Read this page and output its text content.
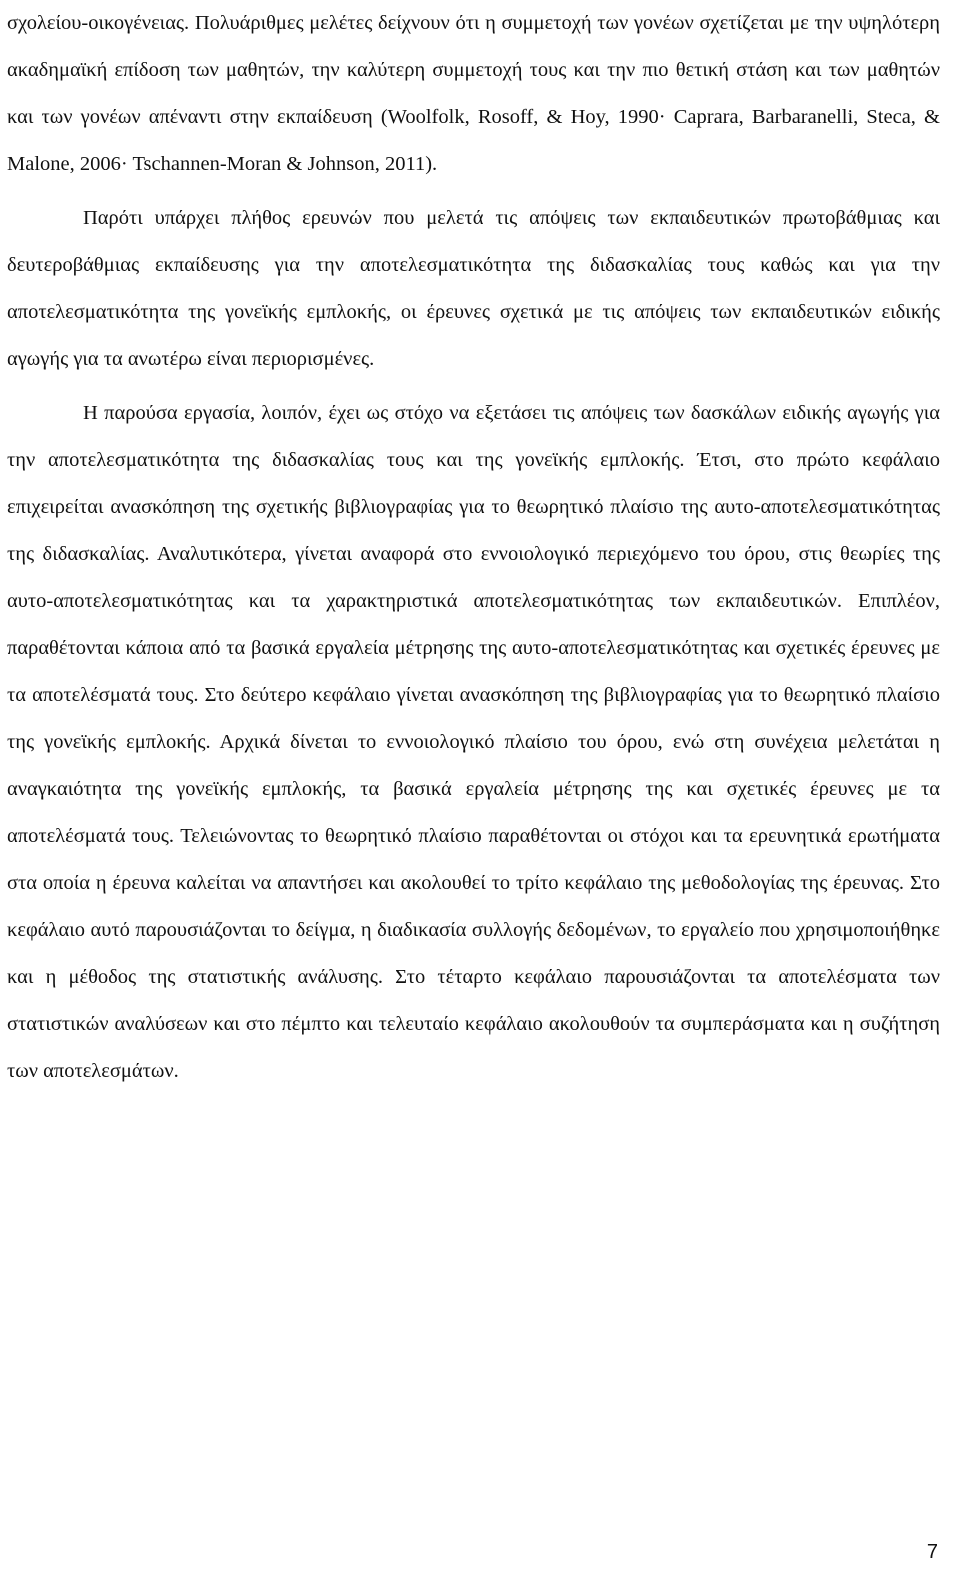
σχολείου-οικογένειας. Πολυάριθμες μελέτες δείχνουν ότι η συμμετοχή των γονέων σχετίζεται με την υψηλότερη ακαδημαϊκή επίδοση των μαθητών, την καλύτερη συμμετοχή τους και την πιο θετική στάση και των μαθητών και των γονέων απέναντι στην εκπαίδευση (Woolfolk, Rosoff, & Hoy, 1990· Caprara, Barbaranelli, Steca, & Malone, 2006· Tschannen-Moran & Johnson, 2011).

Παρότι υπάρχει πλήθος ερευνών που μελετά τις απόψεις των εκπαιδευτικών πρωτοβάθμιας και δευτεροβάθμιας εκπαίδευσης για την αποτελεσματικότητα της διδασκαλίας τους καθώς και για την αποτελεσματικότητα της γονεϊκής εμπλοκής, οι έρευνες σχετικά με τις απόψεις των εκπαιδευτικών ειδικής αγωγής για τα ανωτέρω είναι περιορισμένες.

Η παρούσα εργασία, λοιπόν, έχει ως στόχο να εξετάσει τις απόψεις των δασκάλων ειδικής αγωγής για την αποτελεσματικότητα της διδασκαλίας τους και της γονεϊκής εμπλοκής. Έτσι, στο πρώτο κεφάλαιο επιχειρείται ανασκόπηση της σχετικής βιβλιογραφίας για το θεωρητικό πλαίσιο της αυτο-αποτελεσματικότητας της διδασκαλίας. Αναλυτικότερα, γίνεται αναφορά στο εννοιολογικό περιεχόμενο του όρου, στις θεωρίες της αυτο-αποτελεσματικότητας και τα χαρακτηριστικά αποτελεσματικότητας των εκπαιδευτικών. Επιπλέον, παραθέτονται κάποια από τα βασικά εργαλεία μέτρησης της αυτο-αποτελεσματικότητας και σχετικές έρευνες με τα αποτελέσματά τους. Στο δεύτερο κεφάλαιο γίνεται ανασκόπηση της βιβλιογραφίας για το θεωρητικό πλαίσιο της γονεϊκής εμπλοκής. Αρχικά δίνεται το εννοιολογικό πλαίσιο του όρου, ενώ στη συνέχεια μελετάται η αναγκαιότητα της γονεϊκής εμπλοκής, τα βασικά εργαλεία μέτρησης της και σχετικές έρευνες με τα αποτελέσματά τους. Τελειώνοντας το θεωρητικό πλαίσιο παραθέτονται οι στόχοι και τα ερευνητικά ερωτήματα στα οποία η έρευνα καλείται να απαντήσει και ακολουθεί το τρίτο κεφάλαιο της μεθοδολογίας της έρευνας. Στο κεφάλαιο αυτό παρουσιάζονται το δείγμα, η διαδικασία συλλογής δεδομένων, το εργαλείο που χρησιμοποιήθηκε και η μέθοδος της στατιστικής ανάλυσης. Στο τέταρτο κεφάλαιο παρουσιάζονται τα αποτελέσματα των στατιστικών αναλύσεων και στο πέμπτο και τελευταίο κεφάλαιο ακολουθούν τα συμπεράσματα και η συζήτηση των αποτελεσμάτων.

7
